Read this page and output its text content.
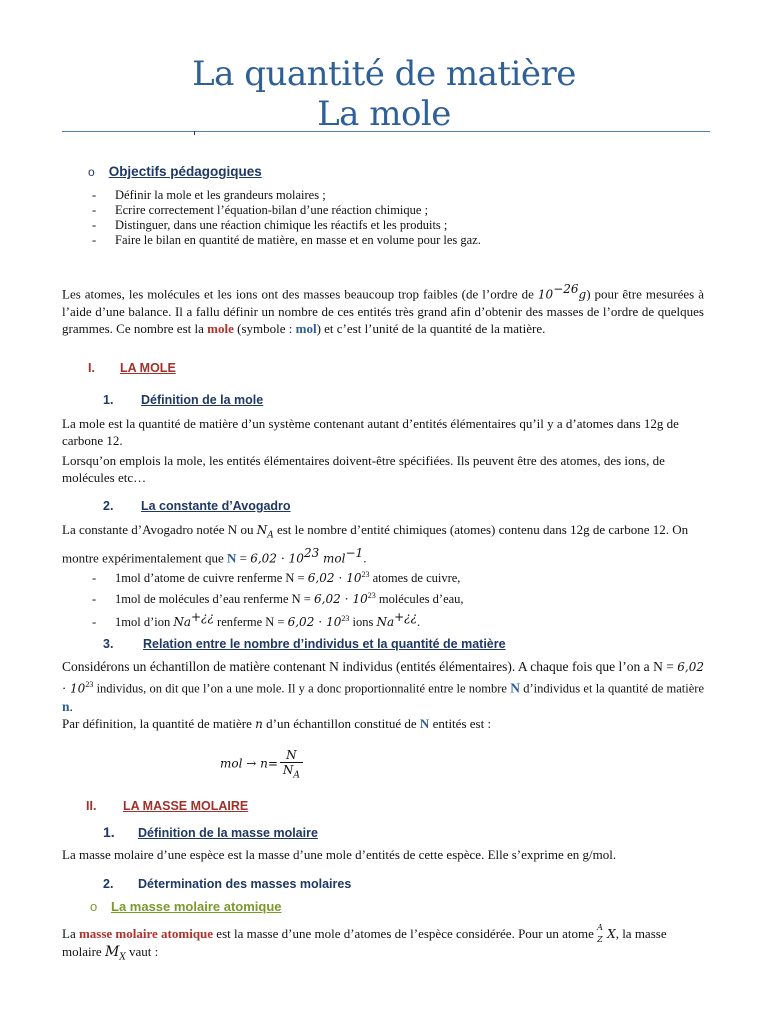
La quantité de matière
La mole
o Objectifs pédagogiques
- Définir la mole et les grandeurs molaires ;
- Ecrire correctement l’équation-bilan d’une réaction chimique ;
- Distinguer, dans une réaction chimique les réactifs et les produits ;
- Faire le bilan en quantité de matière, en masse et en volume pour les gaz.
Les atomes, les molécules et les ions ont des masses beaucoup trop faibles (de l’ordre de $10^{-26}g$) pour être mesurées à l’aide d’une balance. Il a fallu définir un nombre de ces entités très grand afin d’obtenir des masses de l’ordre de quelques grammes. Ce nombre est la mole (symbole : mol) et c’est l’unité de la quantité de la matière.
I. LA MOLE
1. Définition de la mole
La mole est la quantité de matière d’un système contenant autant d’entités élémentaires qu’il y a d’atomes dans 12g de carbone 12.
Lorsqu’on emplois la mole, les entités élémentaires doivent-être spécifiées. Ils peuvent être des atomes, des ions, de molécules etc…
2. La constante d’Avogadro
La constante d’Avogadro notée N ou $N_A$ est le nombre d’entité chimiques (atomes) contenu dans 12g de carbone 12. On montre expérimentalement que $N = 6,02 \cdot 10^{23}$ mol$^{-1}$.
- 1mol d’atome de cuivre renferme $N = 6,02 \cdot 10^{23}$ atomes de cuivre,
- 1mol de molécules d’eau renferme $N = 6,02 \cdot 10^{23}$ molécules d’eau,
- 1mol d’ion Na+¿¿ renferme $N = 6,02 \cdot 10^{23}$ ions Na+¿¿.
3. Relation entre le nombre d’individus et la quantité de matière
Considérons un échantillon de matière contenant N individus (entités élémentaires). A chaque fois que l’on a $N = 6,02 \cdot 10^{23}$ individus, on dit que l’on a une mole. Il y a donc proportionnalité entre le nombre N d’individus et la quantité de matière n.
Par définition, la quantité de matière n d’un échantillon constitué de N entités est :
mol → $n= \frac{N}{N_A}$
II. LA MASSE MOLAIRE
1. Définition de la masse molaire
La masse molaire d’une espèce est la masse d’une mole d’entités de cette espèce. Elle s’exprime en g/mol.
2. Détermination des masses molaires
o La masse molaire atomique
La masse molaire atomique est la masse d’une mole d’atomes de l’espèce considérée. Pour un atome A
Z X, la masse molaire $M_X$ vaut :
